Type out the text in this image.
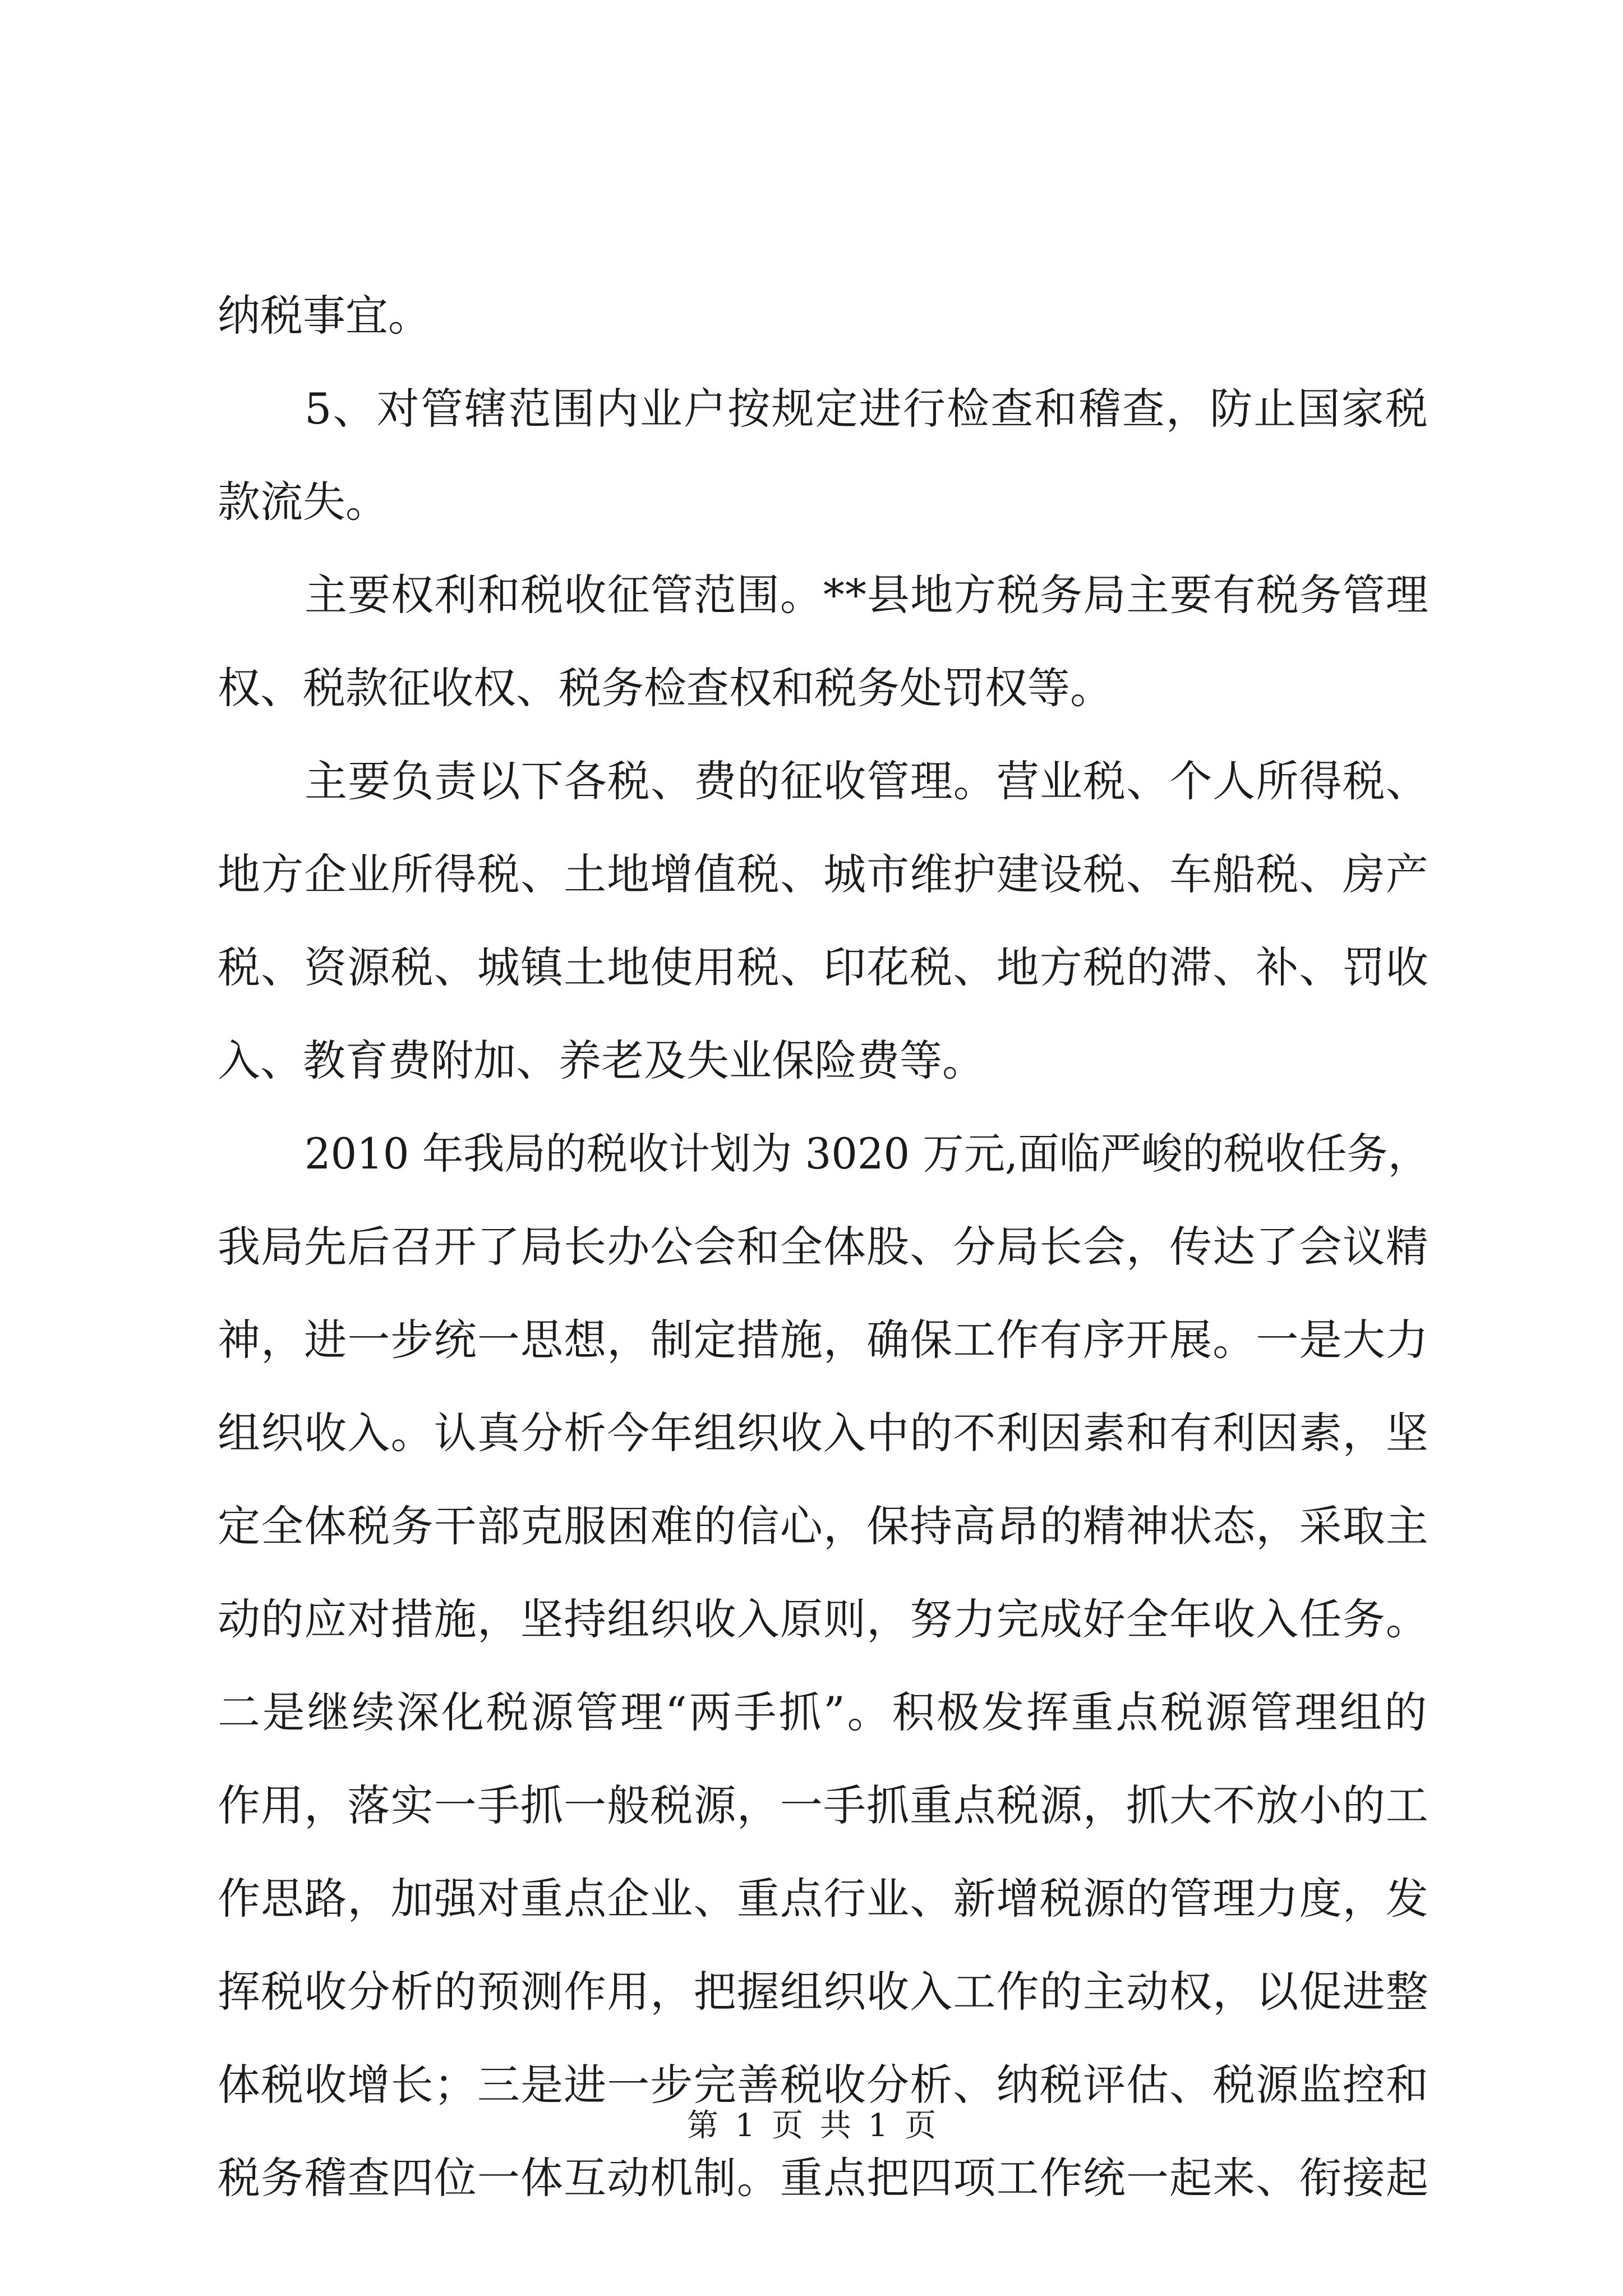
纳税事宜。
5、对管辖范围内业户按规定进行检查和稽查，防止国家税
款流失。
主要权利和税收征管范围。**县地方税务局主要有税务管理
权、税款征收权、税务检查权和税务处罚权等。
主要负责以下各税、费的征收管理。营业税、个人所得税、
地方企业所得税、土地增值税、城市维护建设税、车船税、房产
税、资源税、城镇土地使用税、印花税、地方税的滞、补、罚收
入、教育费附加、养老及失业保险费等。
2010 年我局的税收计划为 3020 万元,面临严峻的税收任务，
我局先后召开了局长办公会和全体股、分局长会，传达了会议精
神，进一步统一思想，制定措施，确保工作有序开展。一是大力
组织收入。认真分析今年组织收入中的不利因素和有利因素，坚
定全体税务干部克服困难的信心，保持高昂的精神状态，采取主
动的应对措施，坚持组织收入原则，努力完成好全年收入任务。
二是继续深化税源管理“两手抓”。积极发挥重点税源管理组的
作用，落实一手抓一般税源，一手抓重点税源，抓大不放小的工
作思路，加强对重点企业、重点行业、新增税源的管理力度，发
挥税收分析的预测作用，把握组织收入工作的主动权，以促进整
体税收增长；三是进一步完善税收分析、纳税评估、税源监控和
税务稽查四位一体互动机制。重点把四项工作统一起来、衔接起
第 1 页 共 1 页
